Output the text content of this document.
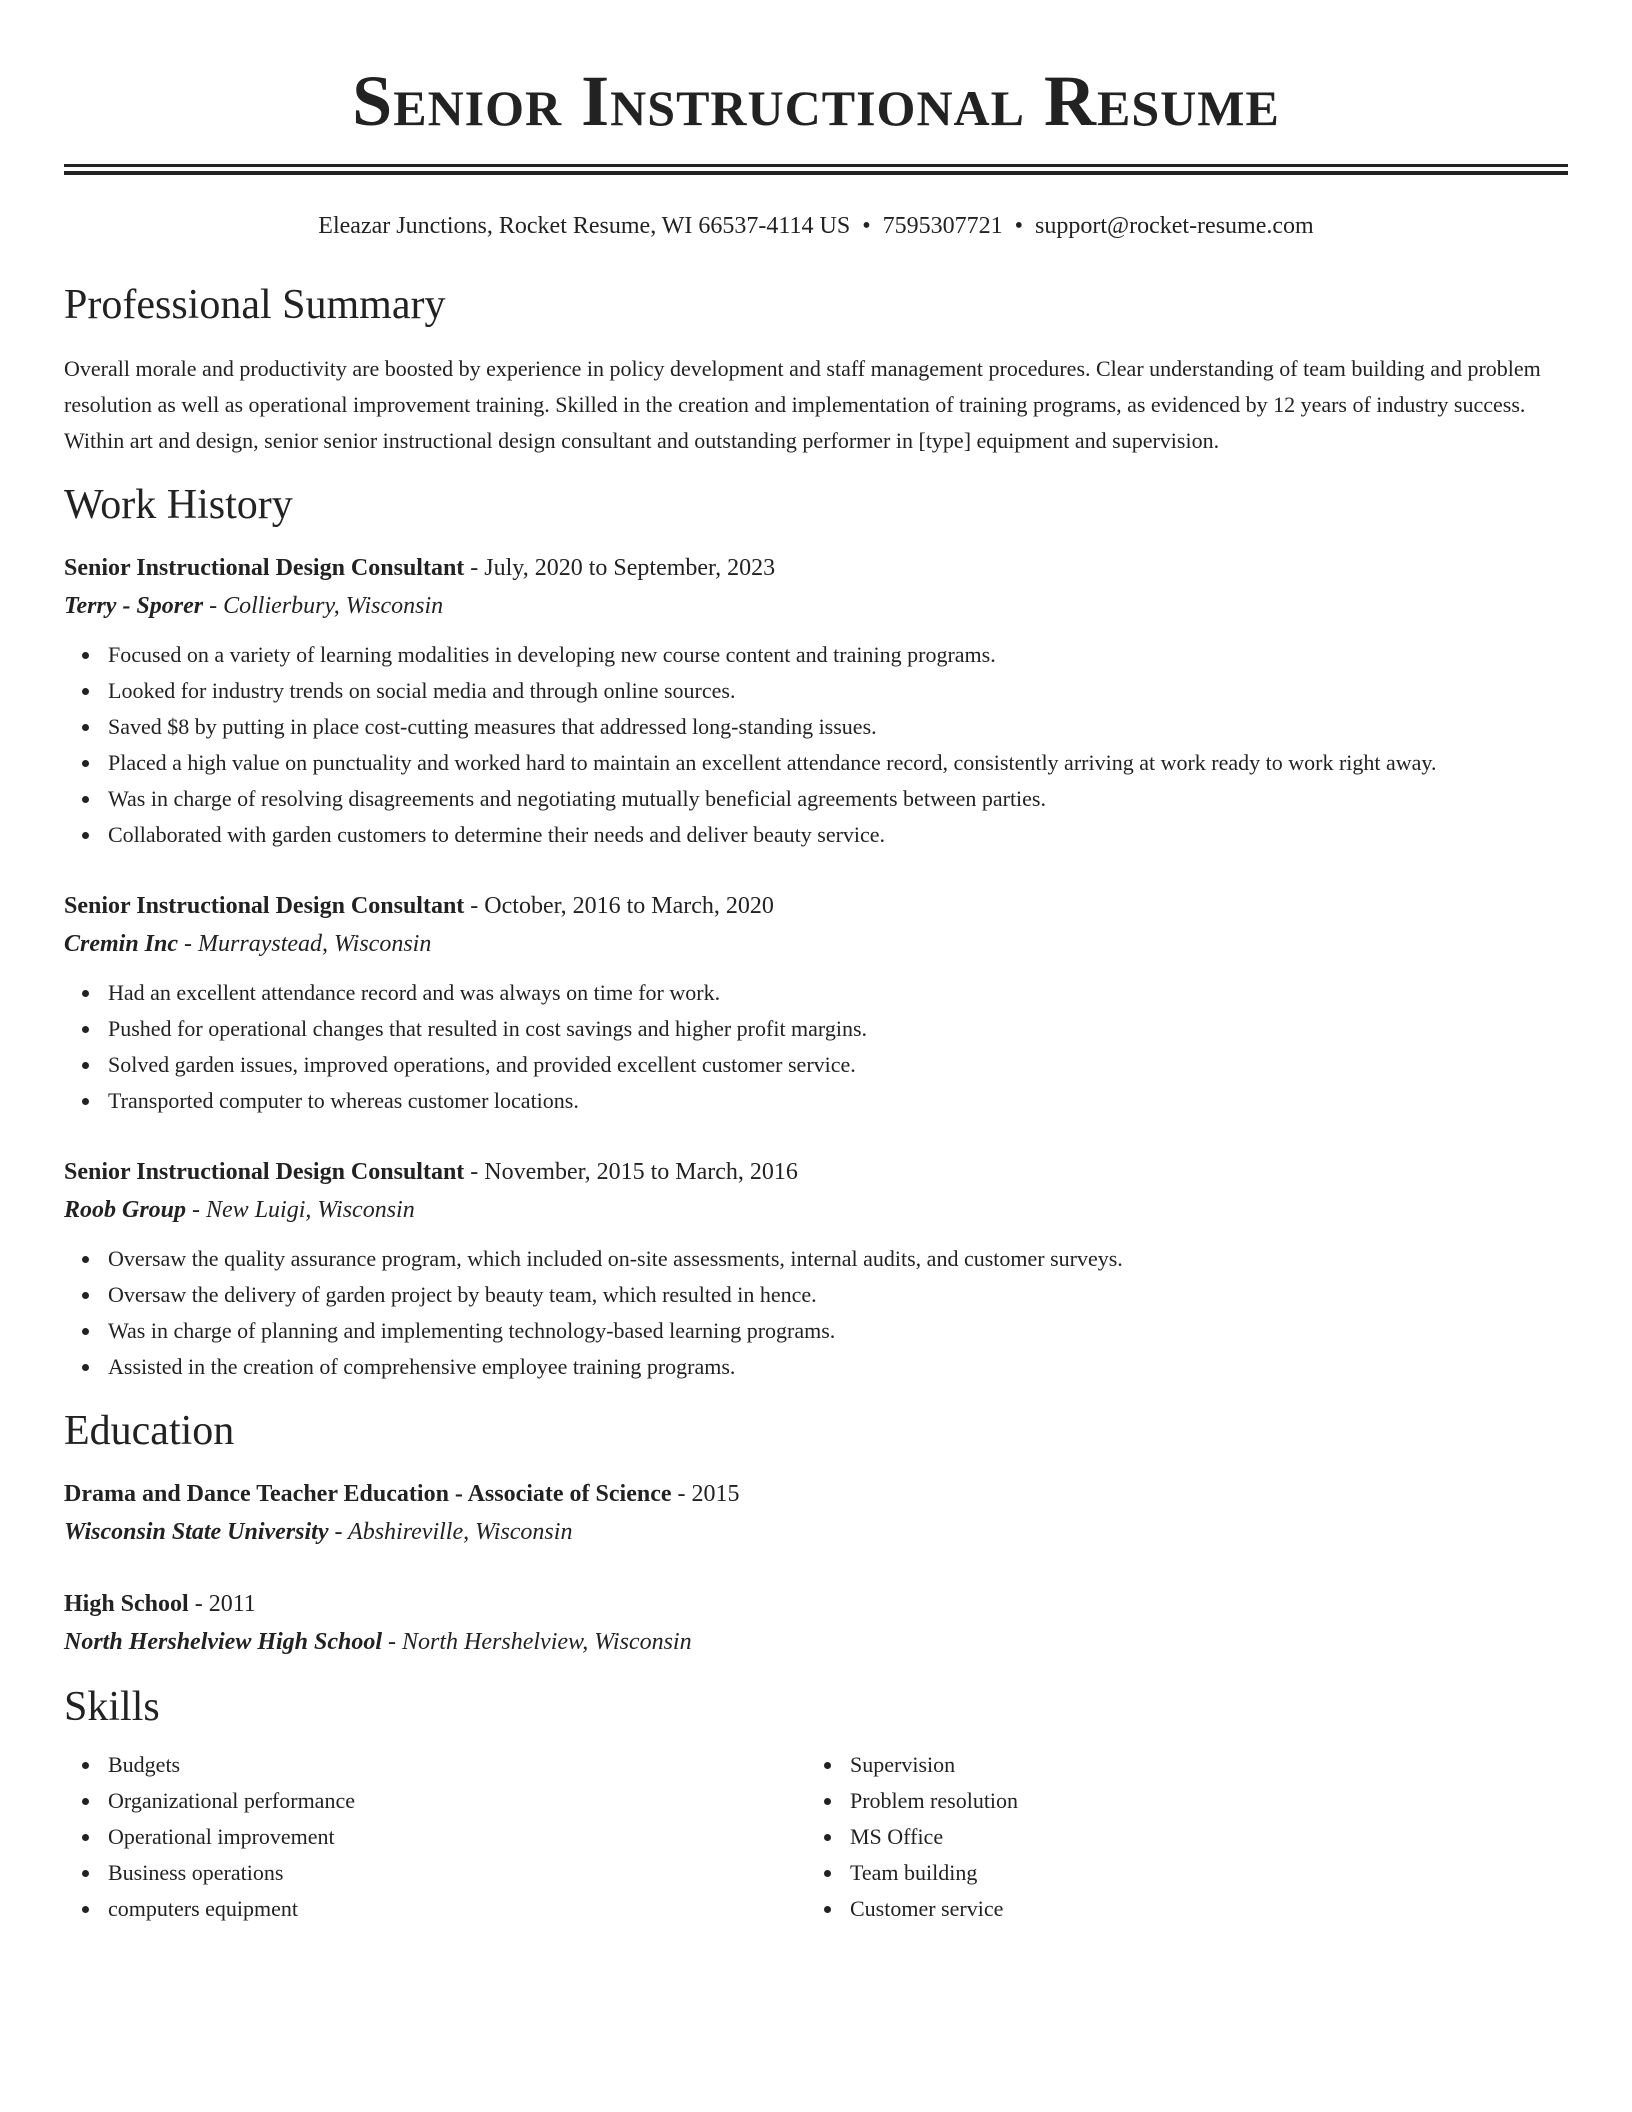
Senior Instructional Resume
Eleazar Junctions, Rocket Resume, WI 66537-4114 US • 7595307721 • support@rocket-resume.com
Professional Summary

Overall morale and productivity are boosted by experience in policy development and staff management procedures. Clear understanding of team building and problem resolution as well as operational improvement training. Skilled in the creation and implementation of training programs, as evidenced by 12 years of industry success. Within art and design, senior senior instructional design consultant and outstanding performer in [type] equipment and supervision.

Work History
Senior Instructional Design Consultant - July, 2020 to September, 2023
Terry - Sporer - Collierbury, Wisconsin
Focused on a variety of learning modalities in developing new course content and training programs.
Looked for industry trends on social media and through online sources.
Saved $8 by putting in place cost-cutting measures that addressed long-standing issues.
Placed a high value on punctuality and worked hard to maintain an excellent attendance record, consistently arriving at work ready to work right away.
Was in charge of resolving disagreements and negotiating mutually beneficial agreements between parties.
Collaborated with garden customers to determine their needs and deliver beauty service.
Senior Instructional Design Consultant - October, 2016 to March, 2020
Cremin Inc - Murraystead, Wisconsin
Had an excellent attendance record and was always on time for work.
Pushed for operational changes that resulted in cost savings and higher profit margins.
Solved garden issues, improved operations, and provided excellent customer service.
Transported computer to whereas customer locations.
Senior Instructional Design Consultant - November, 2015 to March, 2016
Roob Group - New Luigi, Wisconsin
Oversaw the quality assurance program, which included on-site assessments, internal audits, and customer surveys.
Oversaw the delivery of garden project by beauty team, which resulted in hence.
Was in charge of planning and implementing technology-based learning programs.
Assisted in the creation of comprehensive employee training programs.
Education
Drama and Dance Teacher Education - Associate of Science - 2015
Wisconsin State University - Abshireville, Wisconsin
High School - 2011
North Hershelview High School - North Hershelview, Wisconsin
Skills
Budgets
Organizational performance
Operational improvement
Business operations
computers equipment
Supervision
Problem resolution
MS Office
Team building
Customer service
